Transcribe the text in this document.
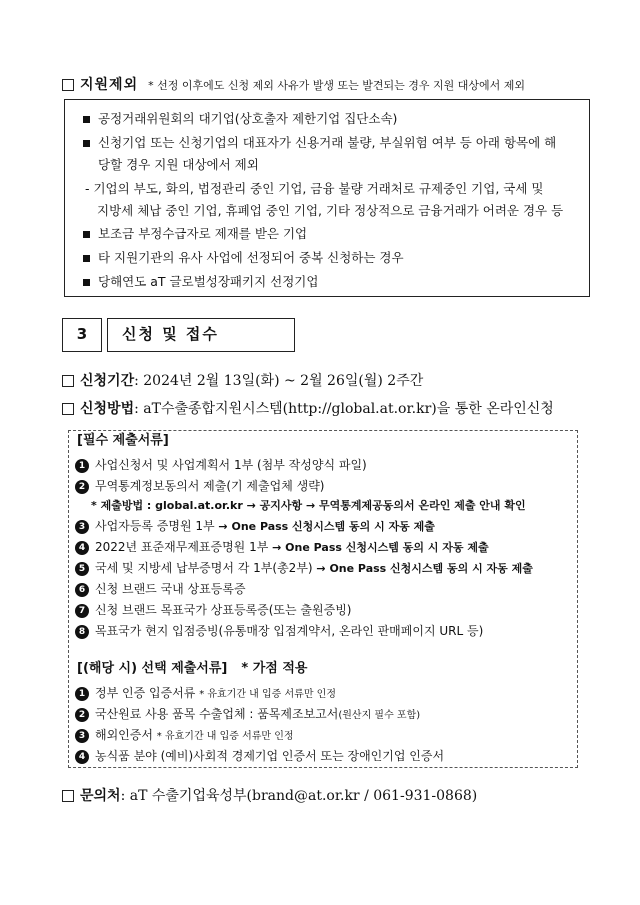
지원제외 * 선정 이후에도 신청 제외 사유가 발생 또는 발견되는 경우 지원 대상에서 제외
공정거래위원회의 대기업(상호출자 제한기업 집단소속)
신청기업 또는 신청기업의 대표자가 신용거래 불량, 부실위험 여부 등 아래 항목에 해
당할 경우 지원 대상에서 제외
- 기업의 부도, 화의, 법정관리 중인 기업, 금융 불량 거래처로 규제중인 기업, 국세 및
지방세 체납 중인 기업, 휴폐업 중인 기업, 기타 정상적으로 금융거래가 어려운 경우 등
보조금 부정수급자로 제재를 받은 기업
타 지원기관의 유사 사업에 선정되어 중복 신청하는 경우
당해연도 aT 글로벌성장패키지 선정기업
3	신청 및 접수
신청기간: 2024년 2월 13일(화) ~ 2월 26일(월) 2주간
신청방법: aT수출종합지원시스템(http://global.at.or.kr)을 통한 온라인신청
[필수 제출서류]
1 사업신청서 및 사업계획서 1부 (첨부 작성양식 파일)
2 무역통계정보동의서 제출(기 제출업체 생략)
* 제출방법 : global.at.or.kr → 공지사항 → 무역통계제공동의서 온라인 제출 안내 확인
3 사업자등록 증명원 1부 → One Pass 신청시스템 동의 시 자동 제출
4 2022년 표준재무제표증명원 1부 → One Pass 신청시스템 동의 시 자동 제출
5 국세 및 지방세 납부증명서 각 1부(총2부) → One Pass 신청시스템 동의 시 자동 제출
6 신청 브랜드 국내 상표등록증
7 신청 브랜드 목표국가 상표등록증(또는 출원증빙)
8 목표국가 현지 입점증빙(유통매장 입점계약서, 온라인 판매페이지 URL 등)
[(해당 시) 선택 제출서류] * 가점 적용
1 정부 인증 입증서류 * 유효기간 내 입증 서류만 인정
2 국산원료 사용 품목 수출업체 : 품목제조보고서(원산지 필수 포함)
3 해외인증서 * 유효기간 내 입증 서류만 인정
4 농식품 분야 (예비)사회적 경제기업 인증서 또는 장애인기업 인증서
문의처: aT 수출기업육성부(brand@at.or.kr / 061-931-0868)
